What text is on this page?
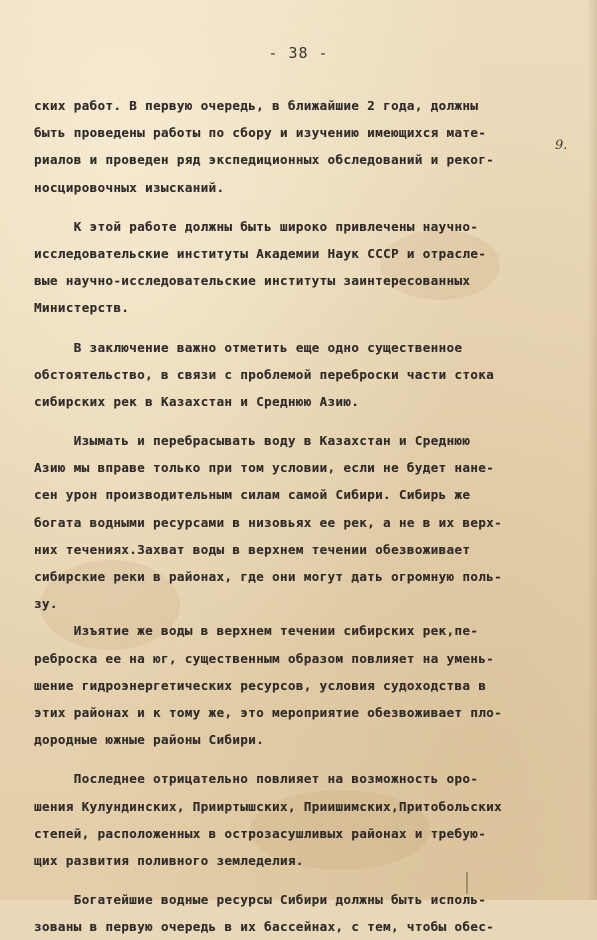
- 38 -
9.
ских работ. В первую очередь, в ближайшие 2 года, должны
быть проведены работы по сбору и изучению имеющихся мате-
риалов и проведен ряд экспедиционных обследований и реког-
носцировочных изысканий.
К этой работе должны быть широко привлечены научно-
исследовательские институты Академии Наук СССР и отрасле-
вые научно-исследовательские институты заинтересованных
Министерств.
В заключение важно отметить еще одно существенное
обстоятельство, в связи с проблемой переброски части стока
сибирских рек в Казахстан и Среднюю Азию.
Изымать и перебрасывать воду в Казахстан и Среднюю
Азию мы вправе только при том условии, если не будет нане-
сен урон производительным силам самой Сибири. Сибирь же
богата водными ресурсами в низовьях ее рек, а не в их верх-
них течениях.Захват воды в верхнем течении обезвоживает
сибирские реки в районах, где они могут дать огромную поль-
зу.
Изъятие же воды в верхнем течении сибирских рек,пе-
реброска ее на юг, существенным образом повлияет на умень-
шение гидроэнергетических ресурсов, условия судоходства в
этих районах и к тому же, это мероприятие обезвоживает пло-
дородные южные районы Сибири.
Последнее отрицательно повлияет на возможность оро-
шения Кулундинских, Прииртышских, Приишимских,Притобольских
степей, расположенных в острозасушливых районах и требую-
щих развития поливного земледелия.
Богатейшие водные ресурсы Сибири должны быть исполь-
зованы в первую очередь в их бассейнах, с тем, чтобы обес-
